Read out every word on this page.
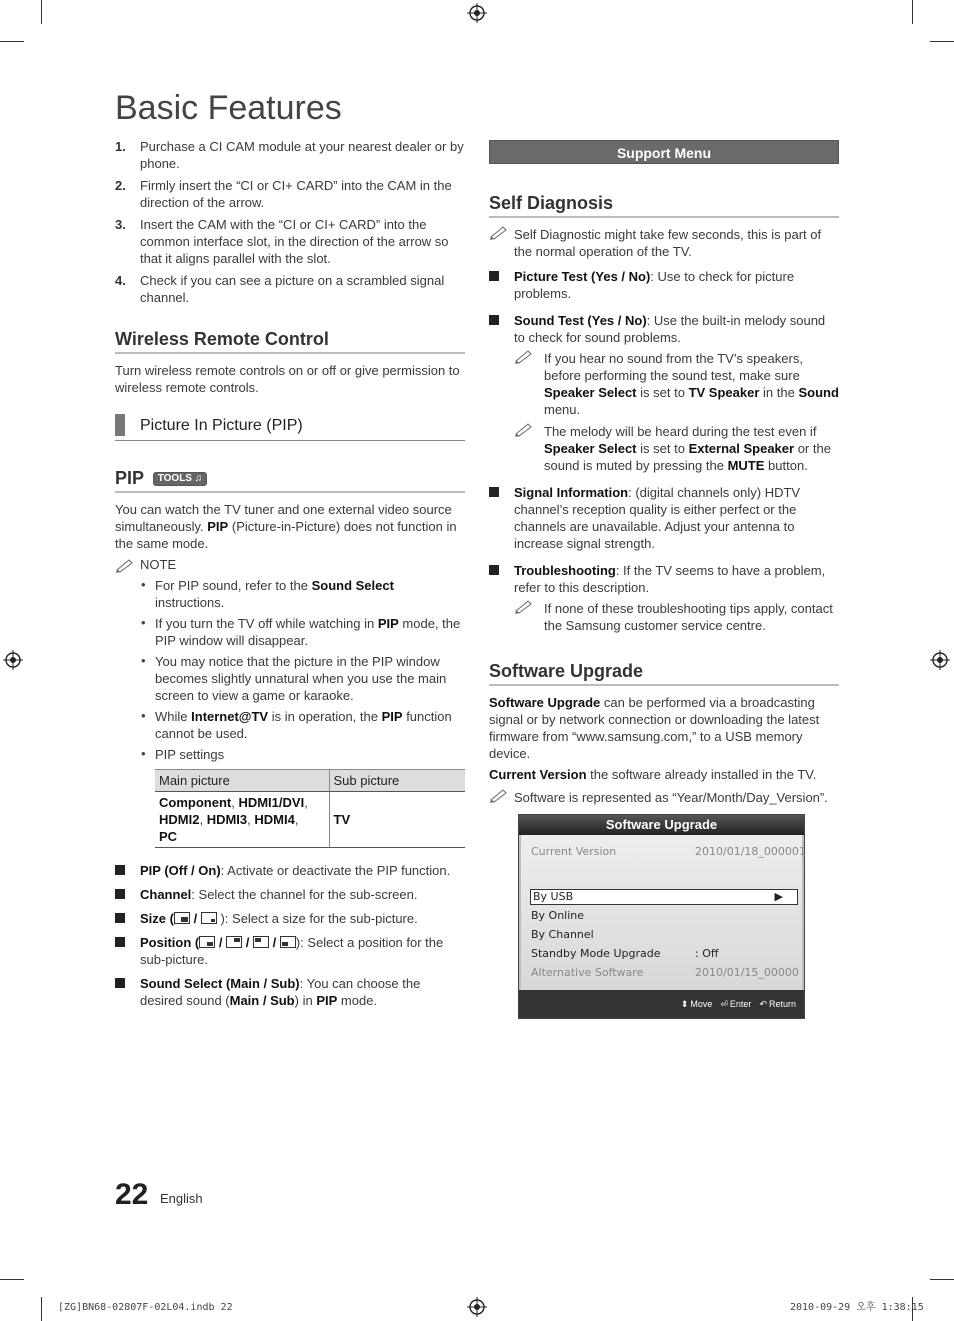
Basic Features
1. Purchase a CI CAM module at your nearest dealer or by phone.
2. Firmly insert the “CI or CI+ CARD” into the CAM in the direction of the arrow.
3. Insert the CAM with the “CI or CI+ CARD” into the common interface slot, in the direction of the arrow so that it aligns parallel with the slot.
4. Check if you can see a picture on a scrambled signal channel.
Wireless Remote Control

Turn wireless remote controls on or off or give permission to wireless remote controls.

Picture In Picture (PIP)
PIP TOOLS ♫

You can watch the TV tuner and one external video source simultaneously. PIP (Picture-in-Picture) does not function in the same mode.

NOTE
• For PIP sound, refer to the Sound Select instructions.
• If you turn the TV off while watching in PIP mode, the PIP window will disappear.
• You may notice that the picture in the PIP window becomes slightly unnatural when you use the main screen to view a game or karaoke.
• While Internet@TV is in operation, the PIP function cannot be used.
• PIP settings
Main picture	Sub picture
Component, HDMI1/DVI,
HDMI2, HDMI3, HDMI4,
PC	TV
PIP (Off / On): Activate or deactivate the PIP function.
Channel: Select the channel for the sub-screen.
Size ( / ): Select a size for the sub-picture.
Position ( / / / ): Select a position for the sub-picture.
Sound Select (Main / Sub): You can choose the desired sound (Main / Sub) in PIP mode.
Support Menu
Self Diagnosis
Self Diagnostic might take few seconds, this is part of the normal operation of the TV.
Picture Test (Yes / No): Use to check for picture problems.
Sound Test (Yes / No): Use the built-in melody sound to check for sound problems.
If you hear no sound from the TV’s speakers, before performing the sound test, make sure Speaker Select is set to TV Speaker in the Sound menu.
The melody will be heard during the test even if Speaker Select is set to External Speaker or the sound is muted by pressing the MUTE button.
Signal Information: (digital channels only) HDTV channel’s reception quality is either perfect or the channels are unavailable. Adjust your antenna to increase signal strength.
Troubleshooting: If the TV seems to have a problem, refer to this description.
If none of these troubleshooting tips apply, contact the Samsung customer service centre.
Software Upgrade

Software Upgrade can be performed via a broadcasting signal or by network connection or downloading the latest firmware from “www.samsung.com,” to a USB memory device.

Current Version the software already installed in the TV.

Software is represented as “Year/Month/Day_Version”.
Software Upgrade
Current Version	2010/01/18_000001
By USB	▶
By Online
By Channel
Standby Mode Upgrade	: Off
Alternative Software	2010/01/15_00000
⬍ Move ⏎ Enter ↶ Return
22 English
[ZG]BN68-02807F-02L04.indb 22	2010-09-29 오후 1:38:15
